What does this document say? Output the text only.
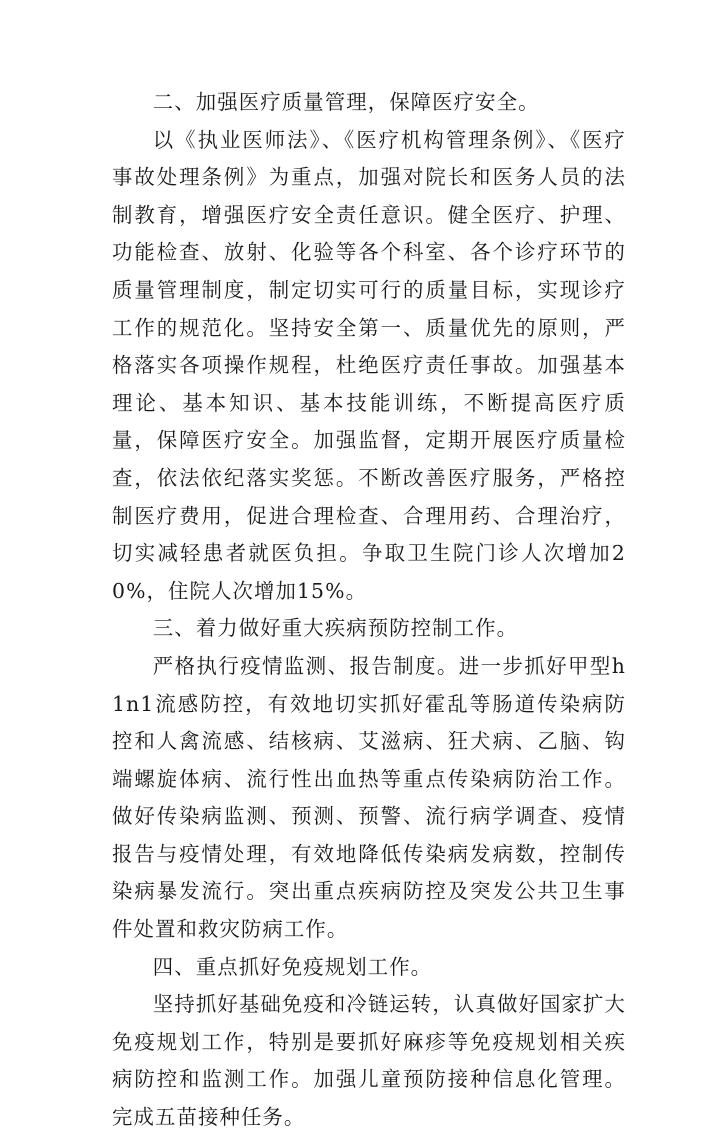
二、加强医疗质量管理，保障医疗安全。

以《执业医师法》、《医疗机构管理条例》、《医疗事故处理条例》为重点，加强对院长和医务人员的法制教育，增强医疗安全责任意识。健全医疗、护理、功能检查、放射、化验等各个科室、各个诊疗环节的质量管理制度，制定切实可行的质量目标，实现诊疗工作的规范化。坚持安全第一、质量优先的原则，严格落实各项操作规程，杜绝医疗责任事故。加强基本理论、基本知识、基本技能训练，不断提高医疗质量，保障医疗安全。加强监督，定期开展医疗质量检查，依法依纪落实奖惩。不断改善医疗服务，严格控制医疗费用，促进合理检查、合理用药、合理治疗，切实减轻患者就医负担。争取卫生院门诊人次增加20%，住院人次增加15%。

三、着力做好重大疾病预防控制工作。

严格执行疫情监测、报告制度。进一步抓好甲型h1n1流感防控，有效地切实抓好霍乱等肠道传染病防控和人禽流感、结核病、艾滋病、狂犬病、乙脑、钩端螺旋体病、流行性出血热等重点传染病防治工作。做好传染病监测、预测、预警、流行病学调查、疫情报告与疫情处理，有效地降低传染病发病数，控制传染病暴发流行。突出重点疾病防控及突发公共卫生事件处置和救灾防病工作。

四、重点抓好免疫规划工作。

坚持抓好基础免疫和冷链运转，认真做好国家扩大免疫规划工作，特别是要抓好麻疹等免疫规划相关疾病防控和监测工作。加强儿童预防接种信息化管理。完成五苗接种任务。
